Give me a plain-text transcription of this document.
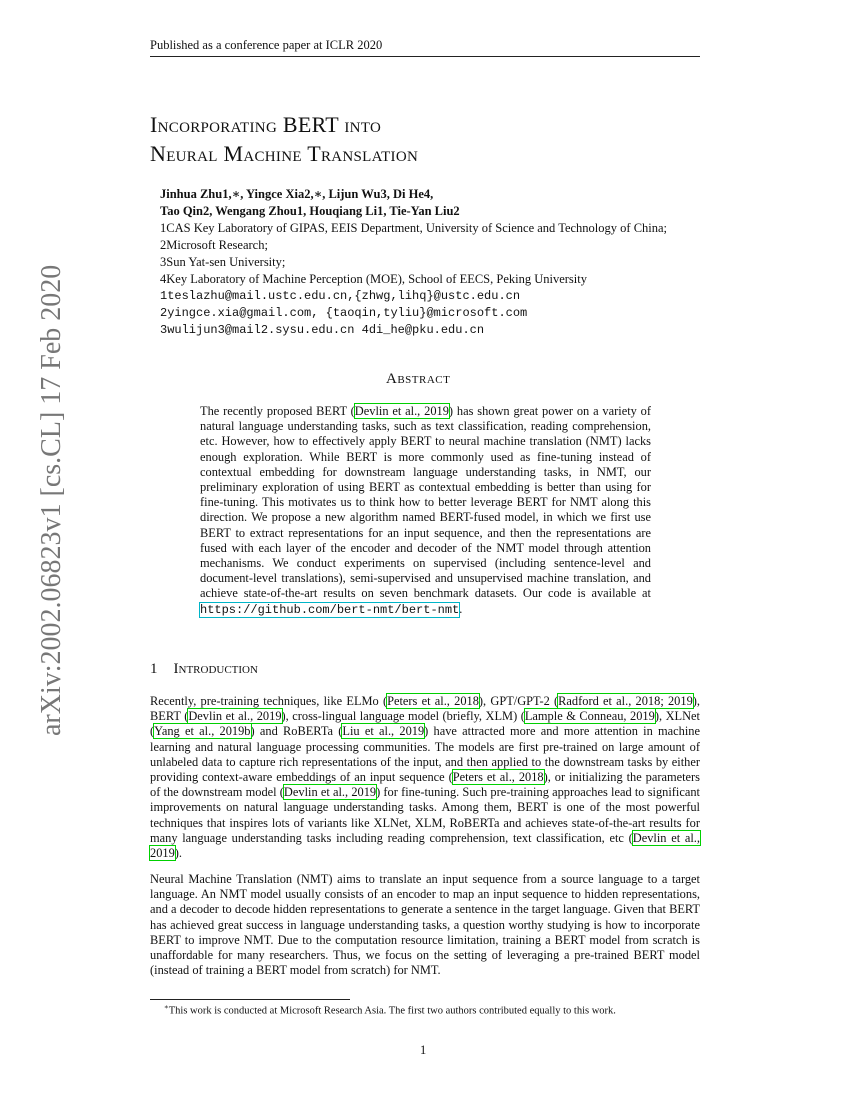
Published as a conference paper at ICLR 2020
Incorporating BERT into
Neural Machine Translation
Jinhua Zhu1,∗, Yingce Xia2,∗, Lijun Wu3, Di He4,
Tao Qin2, Wengang Zhou1, Houqiang Li1, Tie-Yan Liu2
1CAS Key Laboratory of GIPAS, EEIS Department, University of Science and Technology of China;
2Microsoft Research;
3Sun Yat-sen University;
4Key Laboratory of Machine Perception (MOE), School of EECS, Peking University
1teslazhu@mail.ustc.edu.cn,{zhwg,lihq}@ustc.edu.cn
2yingce.xia@gmail.com, {taoqin,tyliu}@microsoft.com
3wulijun3@mail2.sysu.edu.cn 4di_he@pku.edu.cn
arXiv:2002.06823v1 [cs.CL] 17 Feb 2020	Abstract
The recently proposed BERT (Devlin et al., 2019) has shown great power on a variety of natural language understanding tasks, such as text classification, reading comprehension, etc. However, how to effectively apply BERT to neural machine translation (NMT) lacks enough exploration. While BERT is more commonly used as fine-tuning instead of contextual embedding for downstream language understanding tasks, in NMT, our preliminary exploration of using BERT as contextual embedding is better than using for fine-tuning. This motivates us to think how to better leverage BERT for NMT along this direction. We propose a new algorithm named BERT-fused model, in which we first use BERT to extract representations for an input sequence, and then the representations are fused with each layer of the encoder and decoder of the NMT model through attention mechanisms. We conduct experiments on supervised (including sentence-level and document-level translations), semi-supervised and unsupervised machine translation, and achieve state-of-the-art results on seven benchmark datasets. Our code is available at https://github.com/bert-nmt/bert-nmt.
1 Introduction
Recently, pre-training techniques, like ELMo (Peters et al., 2018), GPT/GPT-2 (Radford et al., 2018; 2019), BERT (Devlin et al., 2019), cross-lingual language model (briefly, XLM) (Lample & Conneau, 2019), XLNet (Yang et al., 2019b) and RoBERTa (Liu et al., 2019) have attracted more and more attention in machine learning and natural language processing communities. The models are first pre-trained on large amount of unlabeled data to capture rich representations of the input, and then applied to the downstream tasks by either providing context-aware embeddings of an input sequence (Peters et al., 2018), or initializing the parameters of the downstream model (Devlin et al., 2019) for fine-tuning. Such pre-training approaches lead to significant improvements on natural language understanding tasks. Among them, BERT is one of the most powerful techniques that inspires lots of variants like XLNet, XLM, RoBERTa and achieves state-of-the-art results for many language understanding tasks including reading comprehension, text classification, etc (Devlin et al., 2019).
Neural Machine Translation (NMT) aims to translate an input sequence from a source language to a target language. An NMT model usually consists of an encoder to map an input sequence to hidden representations, and a decoder to decode hidden representations to generate a sentence in the target language. Given that BERT has achieved great success in language understanding tasks, a question worthy studying is how to incorporate BERT to improve NMT. Due to the computation resource limitation, training a BERT model from scratch is unaffordable for many researchers. Thus, we focus on the setting of leveraging a pre-trained BERT model (instead of training a BERT model from scratch) for NMT.
∗This work is conducted at Microsoft Research Asia. The first two authors contributed equally to this work.
1
